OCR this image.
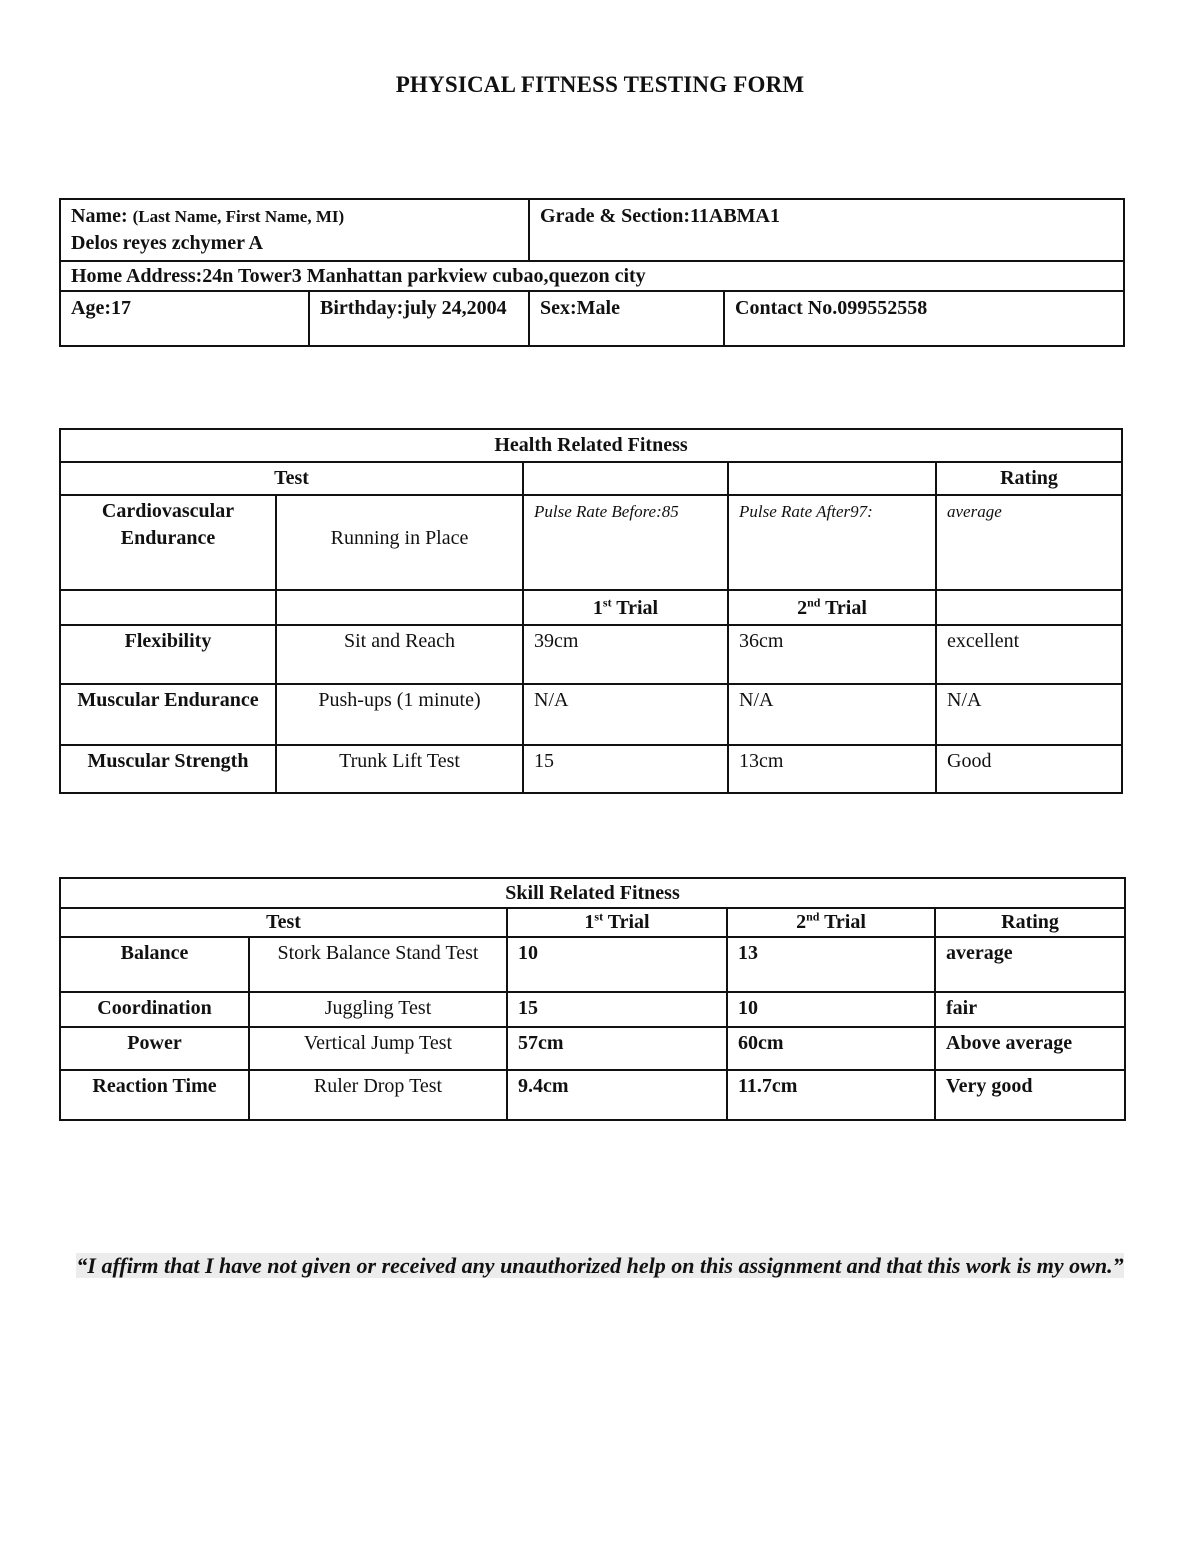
PHYSICAL FITNESS TESTING FORM
Name: (Last Name, First Name, MI)
Delos reyes zchymer A		Grade & Section:11ABMA1	
Home Address:24n Tower3 Manhattan parkview cubao,quezon city			
Age:17	Birthday:july 24,2004	Sex:Male	Contact No.099552558
Health Related Fitness				
Test				Rating
Cardiovascular Endurance	Running in Place	Pulse Rate Before:85	Pulse Rate After97:	average
		1st Trial	2nd Trial	
Flexibility	Sit and Reach	39cm	36cm	excellent
Muscular Endurance	Push-ups (1 minute)	N/A	N/A	N/A
Muscular Strength	Trunk Lift Test	15	13cm	Good
Skill Related Fitness				
Test		1st Trial	2nd Trial	Rating
Balance	Stork Balance Stand Test	10	13	average
Coordination	Juggling Test	15	10	fair
Power	Vertical Jump Test	57cm	60cm	Above average
Reaction Time	Ruler Drop Test	9.4cm	11.7cm	Very good
“I affirm that I have not given or received any unauthorized help on this assignment and that this work is my own.”
